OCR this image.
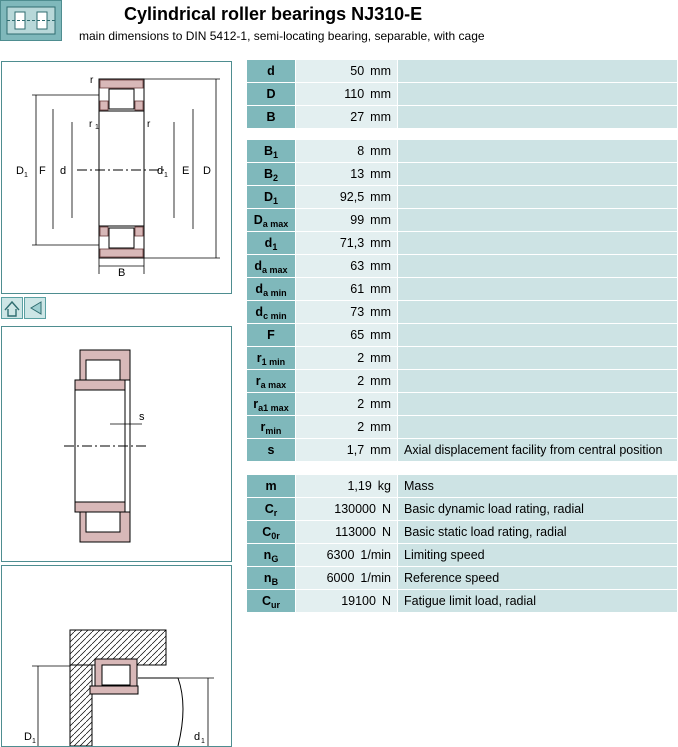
Cylindrical roller bearings NJ310-E
main dimensions to DIN 5412-1, semi-locating bearing, separable, with cage
r
r 1	r
D 1 F d	d 1 E D
B
s
D 1	d 1
d	50 mm	
D	110 mm	
B	27 mm	
$B_1$	8 mm	
$B_2$	13 mm	
$D_1$	92,5 mm	
$D_{a max}$	99 mm	
$d_1$	71,3 mm	
$d_{a max}$	63 mm	
$d_{a min}$	61 mm	
$d_{c min}$	73 mm	
F	65 mm	
$r_{1 min}$	2 mm	
$r_{a max}$	2 mm	
$r_{a1 max}$	2 mm	
$r_{min}$	2 mm	
s	1,7 mm	Axial displacement facility from central position
m	1,19 kg	Mass
$C_r$	130000 N	Basic dynamic load rating, radial
$C_{0r}$	113000 N	Basic static load rating, radial
$n_G$	6300 1/min	Limiting speed
$n_B$	6000 1/min	Reference speed
$C_{ur}$	19100 N	Fatigue limit load, radial
